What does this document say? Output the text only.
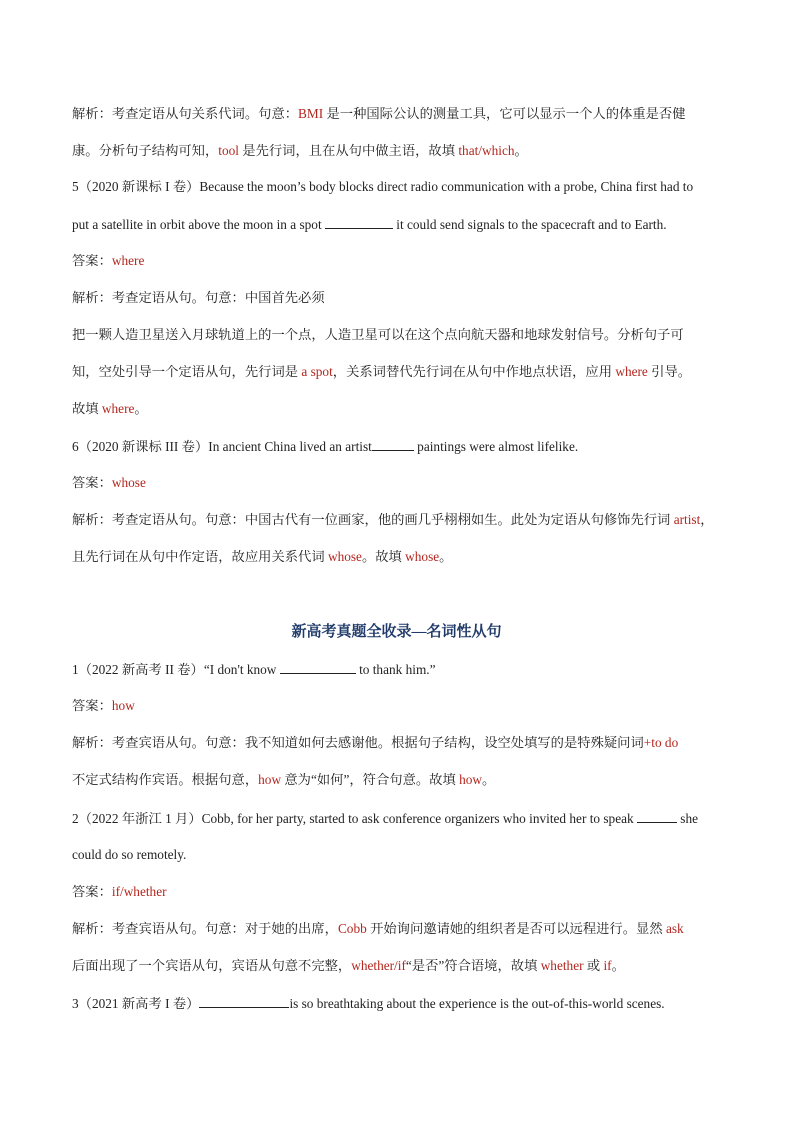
解析：考查定语从句关系代词。句意：BMI 是一种国际公认的测量工具，它可以显示一个人的体重是否健
康。分析句子结构可知，tool 是先行词，且在从句中做主语，故填 that/which。
5（2020 新课标 I 卷）Because the moon’s body blocks direct radio communication with a probe, China first had to
put a satellite in orbit above the moon in a spot	it could send signals to the spacecraft and to Earth.
答案：where
解析：考查定语从句。句意：中国首先必须
把一颗人造卫星送入月球轨道上的一个点，人造卫星可以在这个点向航天器和地球发射信号。分析句子可
知，空处引导一个定语从句，先行词是 a spot，关系词替代先行词在从句中作地点状语，应用 where 引导。
故填 where。
6（2020 新课标 III 卷）In ancient China lived an artist	paintings were almost lifelike.
答案：whose
解析：考查定语从句。句意：中国古代有一位画家，他的画几乎栩栩如生。此处为定语从句修饰先行词 artist，
且先行词在从句中作定语，故应用关系代词 whose。故填 whose。
新高考真题全收录—名词性从句
1（2022 新高考 II 卷）“I don't know	to thank him.”
答案：how
解析：考查宾语从句。句意：我不知道如何去感谢他。根据句子结构，设空处填写的是特殊疑问词+to do
不定式结构作宾语。根据句意，how 意为“如何”，符合句意。故填 how。
2（2022 年浙江 1 月）Cobb, for her party, started to ask conference organizers who invited her to speak	she
could do so remotely.
答案：if/whether
解析：考查宾语从句。句意：对于她的出席，Cobb 开始询问邀请她的组织者是否可以远程进行。显然 ask
后面出现了一个宾语从句，宾语从句意不完整，whether/if“是否”符合语境，故填 whether 或 if。
3（2021 新高考 I 卷）	is so breathtaking about the experience is the out-of-this-world scenes.
